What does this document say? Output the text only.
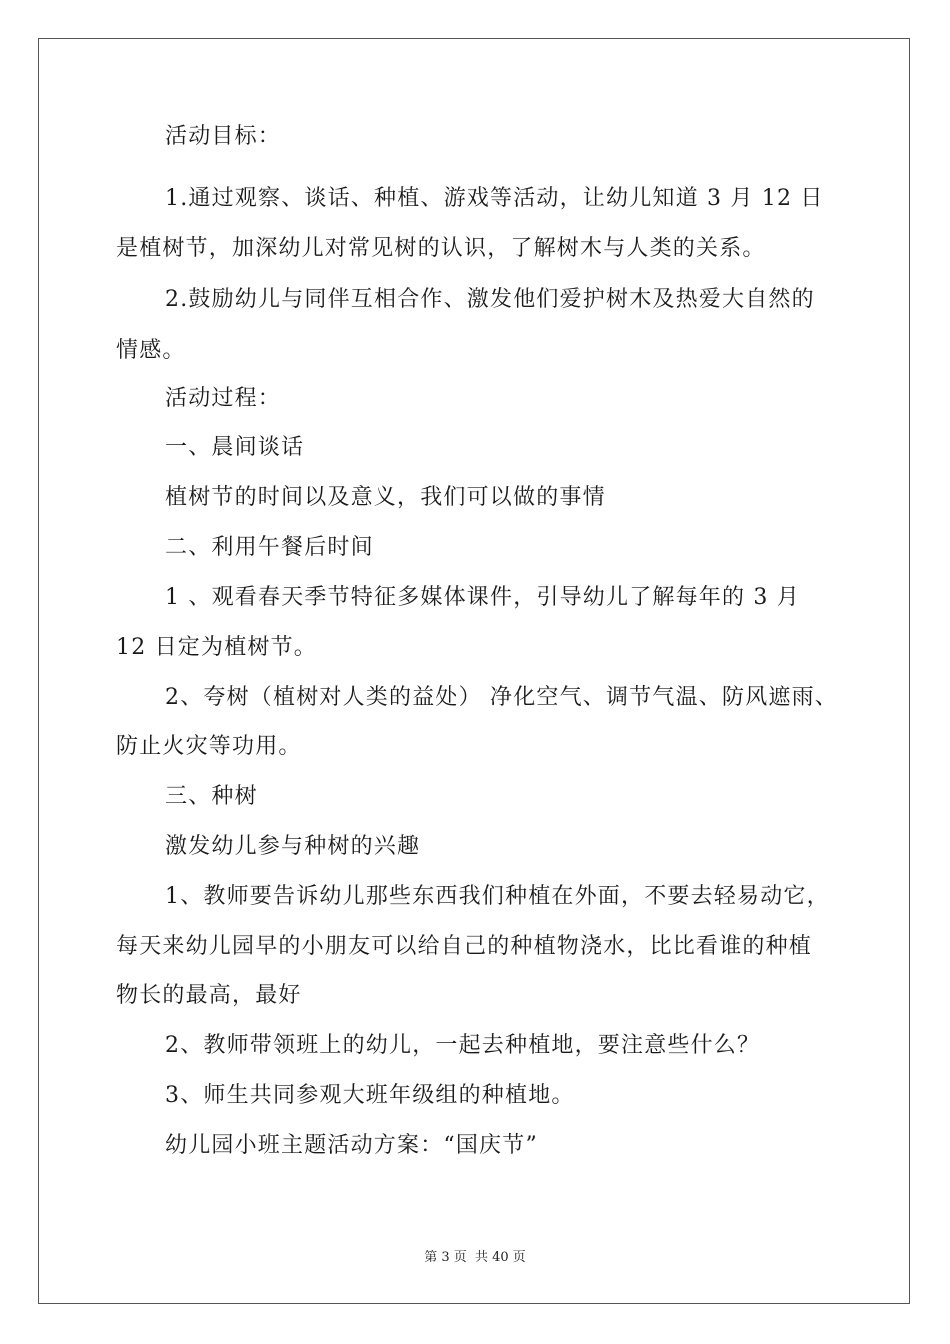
活动目标：
1.通过观察、谈话、种植、游戏等活动，让幼儿知道 3 月 12 日
是植树节，加深幼儿对常见树的认识，了解树木与人类的关系。
2.鼓励幼儿与同伴互相合作、激发他们爱护树木及热爱大自然的
情感。
活动过程：
一、晨间谈话
植树节的时间以及意义，我们可以做的事情
二、利用午餐后时间
1 、观看春天季节特征多媒体课件，引导幼儿了解每年的 3 月
12 日定为植树节。
2、夸树（植树对人类的益处） 净化空气、调节气温、防风遮雨、
防止火灾等功用。
三、种树
激发幼儿参与种树的兴趣
1、教师要告诉幼儿那些东西我们种植在外面，不要去轻易动它，
每天来幼儿园早的小朋友可以给自己的种植物浇水，比比看谁的种植
物长的最高，最好
2、教师带领班上的幼儿，一起去种植地，要注意些什么？
3、师生共同参观大班年级组的种植地。
幼儿园小班主题活动方案：“国庆节”
第 3 页 共 40 页
